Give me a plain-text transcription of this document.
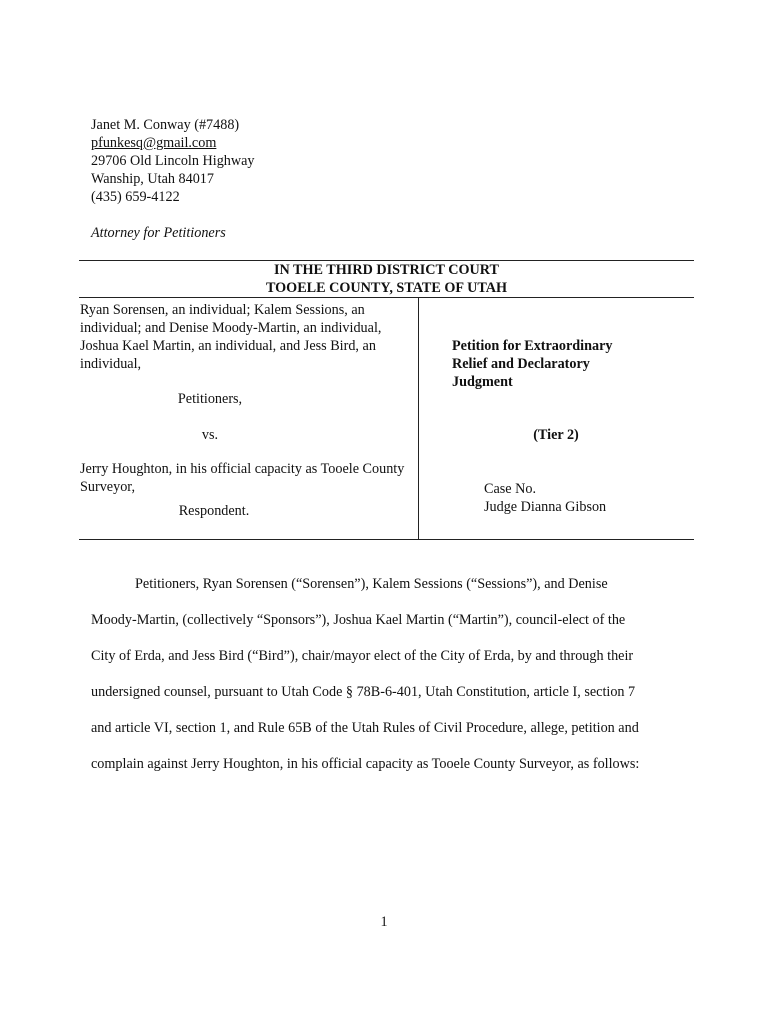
Janet M. Conway (#7488)
pfunkesq@gmail.com
29706 Old Lincoln Highway
Wanship, Utah 84017
(435) 659-4122
Attorney for Petitioners
IN THE THIRD DISTRICT COURT
TOOELE COUNTY, STATE OF UTAH
Ryan Sorensen, an individual; Kalem Sessions, an individual; and Denise Moody-Martin, an individual, Joshua Kael Martin, an individual, and Jess Bird, an individual,
Petitioners,
vs.
Jerry Houghton, in his official capacity as Tooele County Surveyor,
Respondent.
Petition for Extraordinary
Relief and Declaratory
Judgment
(Tier 2)
Case No.
Judge Dianna Gibson
Petitioners, Ryan Sorensen (“Sorensen”), Kalem Sessions (“Sessions”), and Denise
Moody-Martin, (collectively “Sponsors”), Joshua Kael Martin (“Martin”), council-elect of the
City of Erda, and Jess Bird (“Bird”), chair/mayor elect of the City of Erda, by and through their
undersigned counsel, pursuant to Utah Code § 78B-6-401, Utah Constitution, article I, section 7
and article VI, section 1, and Rule 65B of the Utah Rules of Civil Procedure, allege, petition and
complain against Jerry Houghton, in his official capacity as Tooele County Surveyor, as follows:
1
